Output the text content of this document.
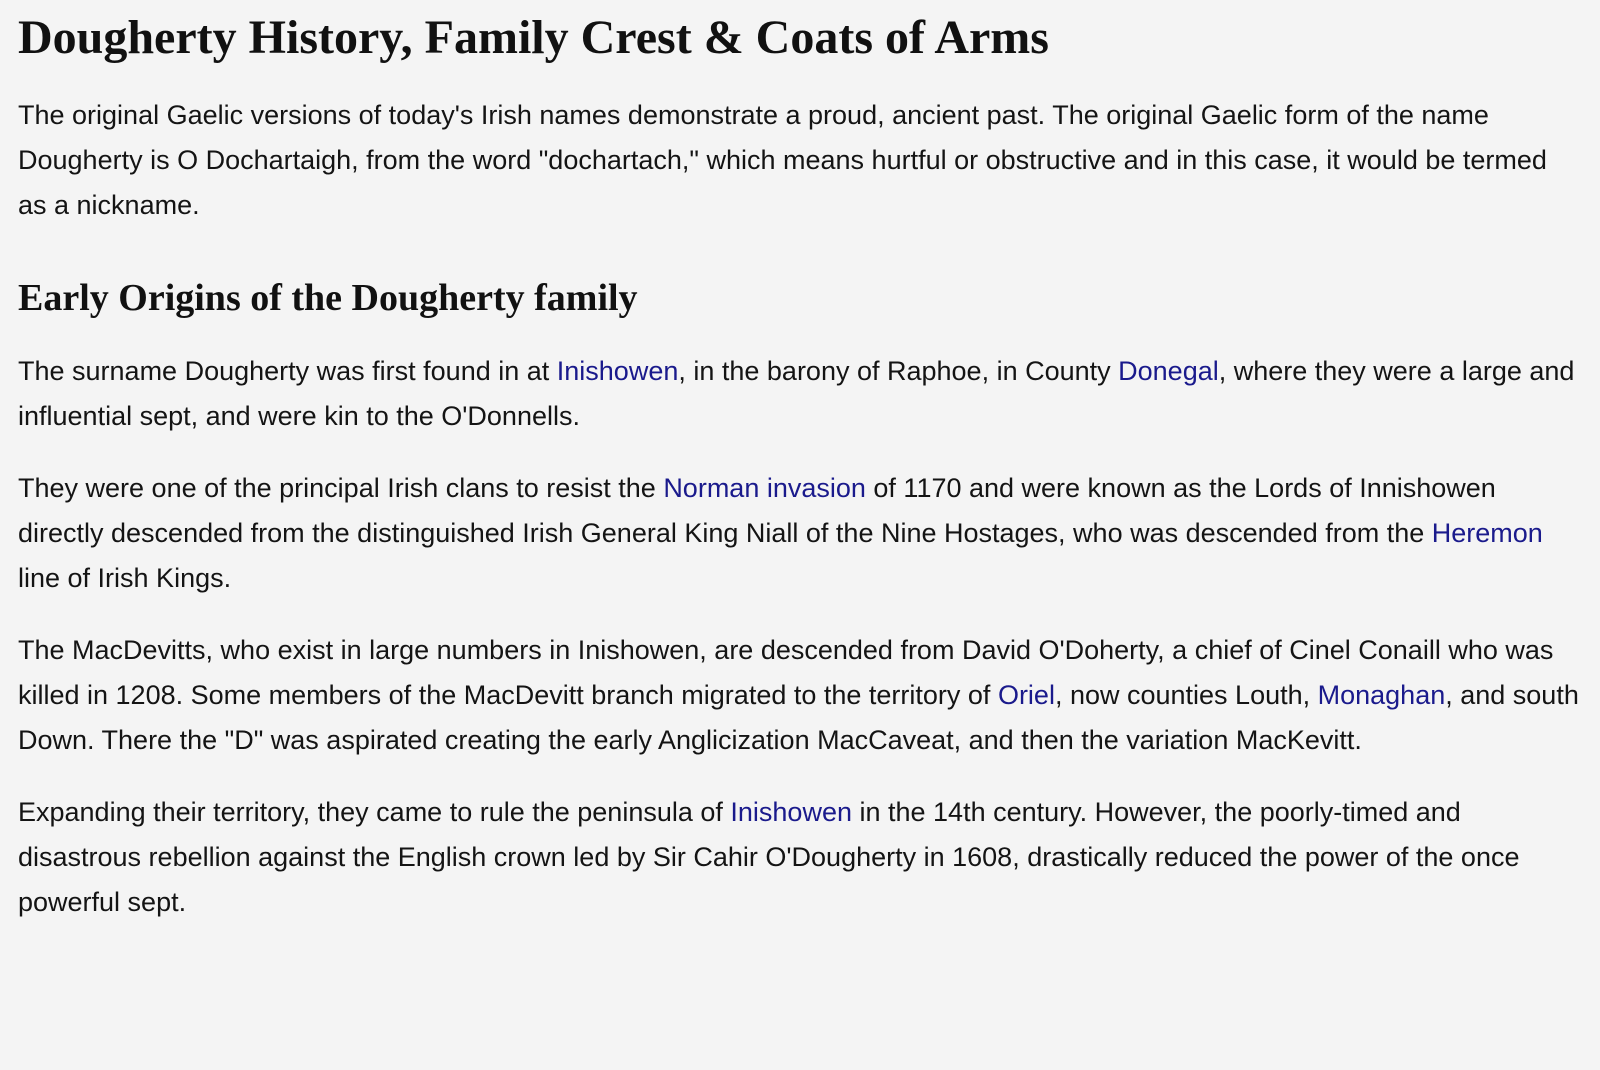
Dougherty History, Family Crest & Coats of Arms

The original Gaelic versions of today's Irish names demonstrate a proud, ancient past. The original Gaelic form of the name Dougherty is O Dochartaigh, from the word "dochartach," which means hurtful or obstructive and in this case, it would be termed as a nickname.

Early Origins of the Dougherty family

The surname Dougherty was first found in at Inishowen, in the barony of Raphoe, in County Donegal, where they were a large and influential sept, and were kin to the O'Donnells.

They were one of the principal Irish clans to resist the Norman invasion of 1170 and were known as the Lords of Innishowen directly descended from the distinguished Irish General King Niall of the Nine Hostages, who was descended from the Heremon line of Irish Kings.

The MacDevitts, who exist in large numbers in Inishowen, are descended from David O'Doherty, a chief of Cinel Conaill who was killed in 1208. Some members of the MacDevitt branch migrated to the territory of Oriel, now counties Louth, Monaghan, and south Down. There the "D" was aspirated creating the early Anglicization MacCaveat, and then the variation MacKevitt.

Expanding their territory, they came to rule the peninsula of Inishowen in the 14th century. However, the poorly-timed and disastrous rebellion against the English crown led by Sir Cahir O'Dougherty in 1608, drastically reduced the power of the once powerful sept.
